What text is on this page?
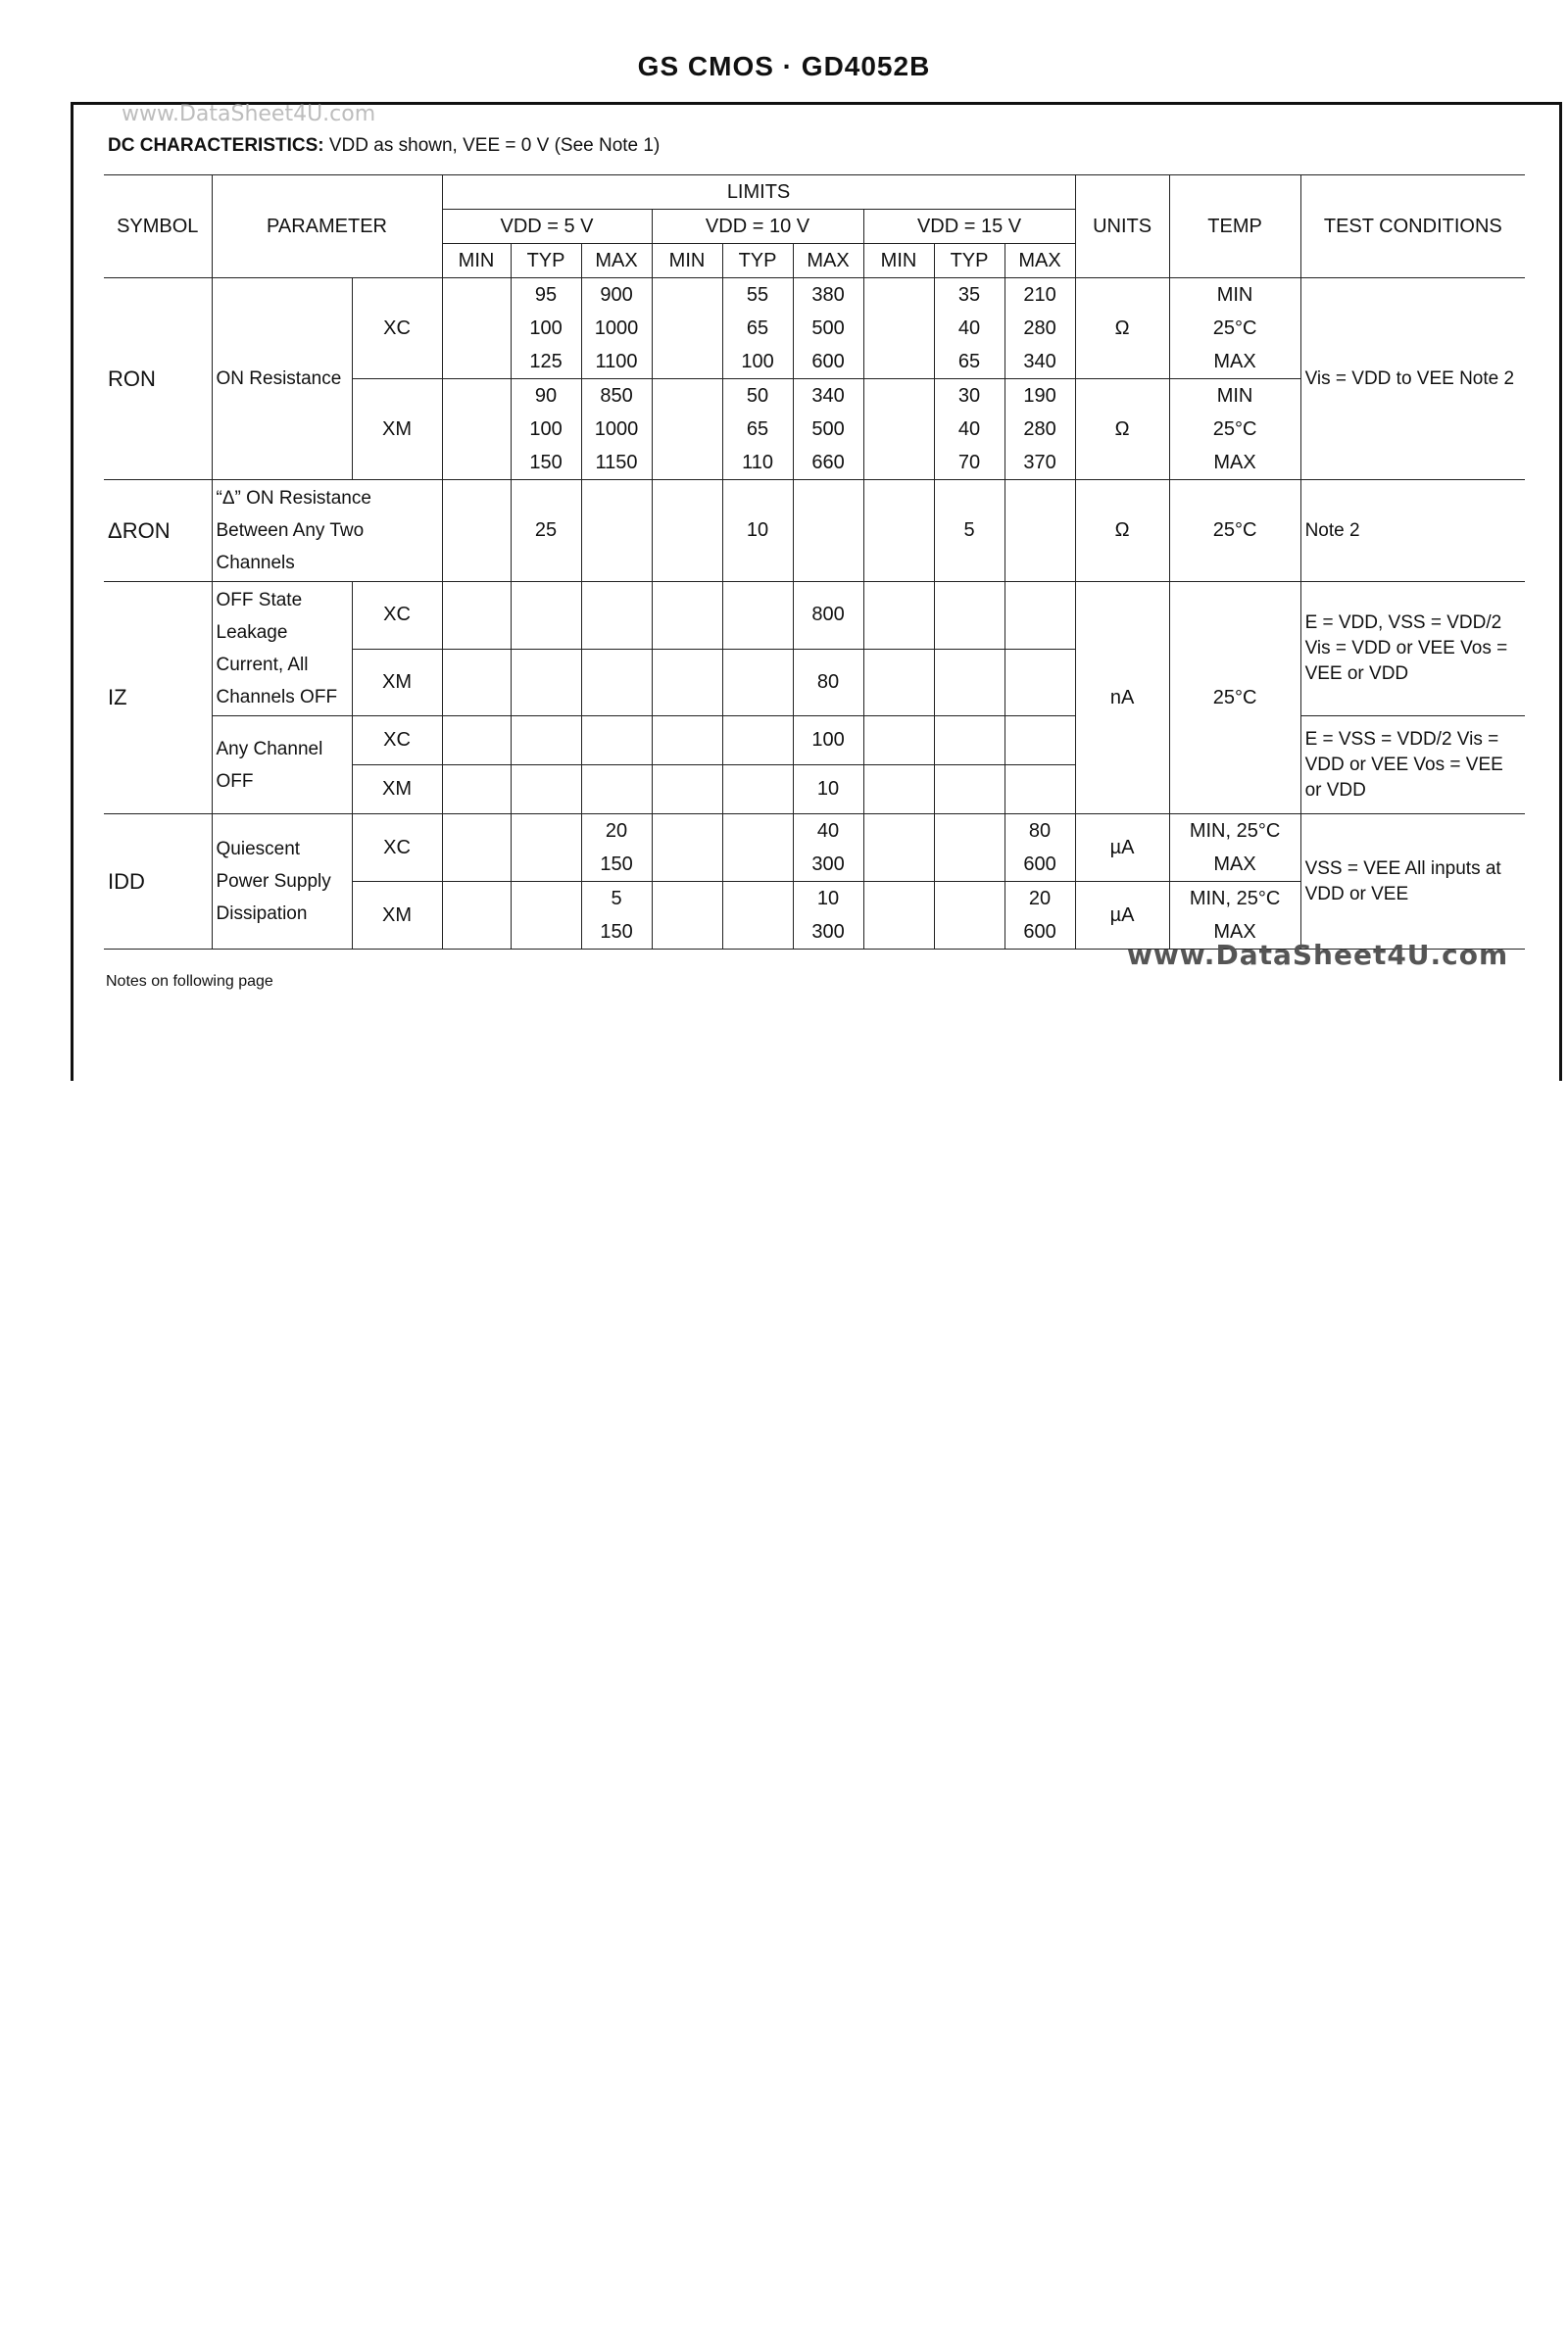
GS CMOS · GD4052B
www.DataSheet4U.com
DC CHARACTERISTICS: VDD as shown, VEE = 0 V (See Note 1)
SYMBOL	PARAMETER		LIMITS									UNITS	TEMP	TEST CONDITIONS
			VDD = 5 V			VDD = 10 V			VDD = 15 V					
			MIN	TYP	MAX	MIN	TYP	MAX	MIN	TYP	MAX			
RON	ON Resistance	XC		95	900		55	380		35	210	Ω	MIN	Vis = VDD to VEE Note 2
				100	1000		65	500		40	280		25°C	
				125	1100		100	600		65	340		MAX	
		XM		90	850		50	340		30	190	Ω	MIN	
				100	1000		65	500		40	280		25°C	
				150	1150		110	660		70	370		MAX	
ΔRON	“Δ” ON Resistance Between Any Two Channels			25			10			5		Ω	25°C	Note 2
IZ	OFF State Leakage Current, All Channels OFF	XC						800				nA	25°C	E = VDD, VSS = VDD/2 Vis = VDD or VEE Vos = VEE or VDD
		XM						80						
	Any Channel OFF	XC						100						E = VSS = VDD/2 Vis = VDD or VEE Vos = VEE or VDD
		XM						10						
IDD	Quiescent Power Supply Dissipation	XC			20			40			80	µA	MIN, 25°C	VSS = VEE All inputs at VDD or VEE
					150			300			600		MAX	
		XM			5			10			20	µA	MIN, 25°C	
					150			300			600		MAX	
www.DataSheet4U.com
Notes on following page
